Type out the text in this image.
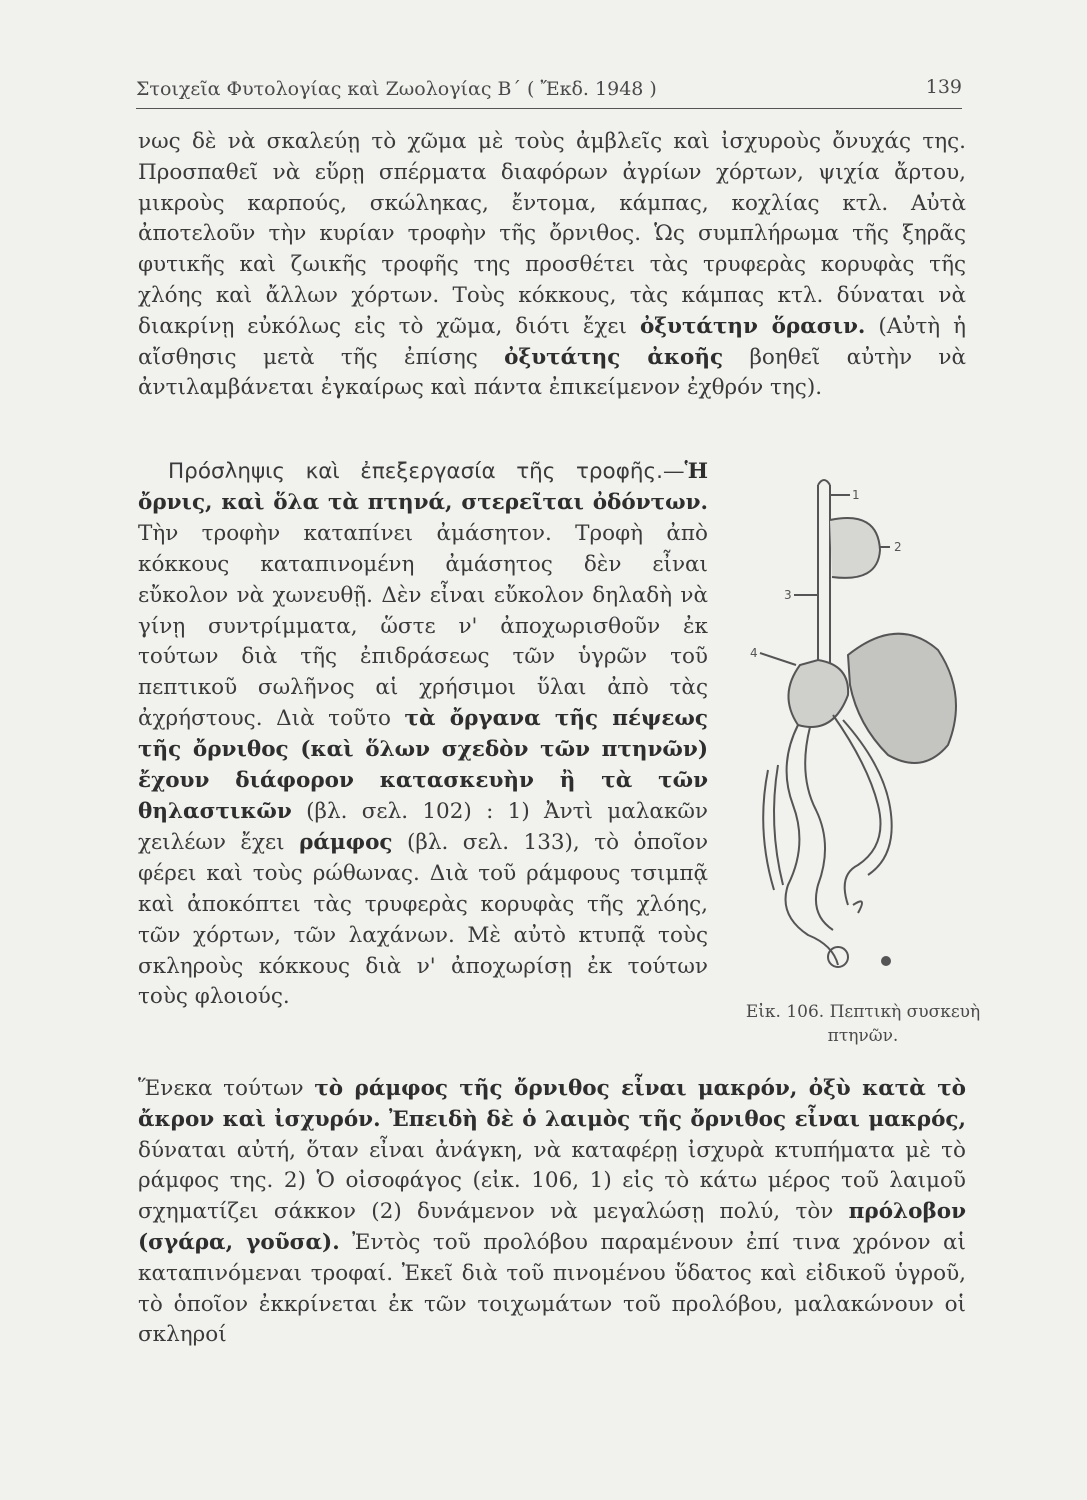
Στοιχεῖα Φυτολογίας καὶ Ζωολογίας Β΄ ( Ἔκδ. 1948 )	139

νως δὲ νὰ σκαλεύῃ τὸ χῶμα μὲ τοὺς ἀμβλεῖς καὶ ἰσχυροὺς ὄνυχάς της. Προσπαθεῖ νὰ εὕρῃ σπέρματα διαφόρων ἀγρίων χόρτων, ψιχία ἄρτου, μικροὺς καρπούς, σκώληκας, ἔντομα, κάμπας, κοχλίας κτλ. Αὐτὰ ἀποτελοῦν τὴν κυρίαν τροφὴν τῆς ὄρνιθος. Ὡς συμπλήρωμα τῆς ξηρᾶς φυτικῆς καὶ ζωικῆς τροφῆς της προσθέτει τὰς τρυφερὰς κορυφὰς τῆς χλόης καὶ ἄλλων χόρτων. Τοὺς κόκκους, τὰς κάμπας κτλ. δύναται νὰ διακρίνῃ εὐκόλως εἰς τὸ χῶμα, διότι ἔχει ὀξυτάτην ὅρασιν. (Αὐτὴ ἡ αἴσθησις μετὰ τῆς ἐπίσης ὀξυτάτης ἀκοῆς βοηθεῖ αὐτὴν νὰ ἀντιλαμβάνεται ἐγκαίρως καὶ πάντα ἐπικείμενον ἐχθρόν της).

Πρόσληψις καὶ ἐπεξεργασία τῆς τροφῆς.—Ἡ ὄρνις, καὶ ὅλα τὰ πτηνά, στερεῖται ὀδόντων. Τὴν τροφὴν καταπίνει ἀμάσητον. Τροφὴ ἀπὸ κόκκους καταπινομένη ἀμάσητος δὲν εἶναι εὔκολον νὰ χωνευθῇ. Δὲν εἶναι εὔκολον δηλαδὴ νὰ γίνῃ συντρίμματα, ὥστε ν' ἀποχωρισθοῦν ἐκ τούτων διὰ τῆς ἐπιδράσεως τῶν ὑγρῶν τοῦ πεπτικοῦ σωλῆνος αἱ χρήσιμοι ὕλαι ἀπὸ τὰς ἀχρήστους. Διὰ τοῦτο τὰ ὄργανα τῆς πέψεως τῆς ὄρνιθος (καὶ ὅλων σχεδὸν τῶν πτηνῶν) ἔχουν διάφορον κατασκευὴν ἢ τὰ τῶν θηλαστικῶν (βλ. σελ. 102) : 1) Ἀντὶ μαλακῶν χειλέων ἔχει ράμφος (βλ. σελ. 133), τὸ ὁποῖον φέρει καὶ τοὺς ρώθωνας. Διὰ τοῦ ράμφους τσιμπᾷ καὶ ἀποκόπτει τὰς τρυφερὰς κορυφὰς τῆς χλόης, τῶν χόρτων, τῶν λαχάνων. Μὲ αὐτὸ κτυπᾷ τοὺς σκληροὺς κόκκους διὰ ν' ἀποχωρίσῃ ἐκ τούτων τοὺς φλοιούς.

1
2
3
4
Εἰκ. 106. Πεπτικὴ συσκευὴ πτηνῶν.

Ἕνεκα τούτων τὸ ράμφος τῆς ὄρνιθος εἶναι μακρόν, ὀξὺ κατὰ τὸ ἄκρον καὶ ἰσχυρόν. Ἐπειδὴ δὲ ὁ λαιμὸς τῆς ὄρνιθος εἶναι μακρός, δύναται αὐτή, ὅταν εἶναι ἀνάγκη, νὰ καταφέρῃ ἰσχυρὰ κτυπήματα μὲ τὸ ράμφος της. 2) Ὁ οἰσοφάγος (εἰκ. 106, 1) εἰς τὸ κάτω μέρος τοῦ λαιμοῦ σχηματίζει σάκκον (2) δυνάμενον νὰ μεγαλώσῃ πολύ, τὸν πρόλοβον (σγάρα, γοῦσα). Ἐντὸς τοῦ προλόβου παραμένουν ἐπί τινα χρόνον αἱ καταπινόμεναι τροφαί. Ἐκεῖ διὰ τοῦ πινομένου ὕδατος καὶ εἰδικοῦ ὑγροῦ, τὸ ὁποῖον ἐκκρίνεται ἐκ τῶν τοιχωμάτων τοῦ προλόβου, μαλακώνουν οἱ σκληροί
